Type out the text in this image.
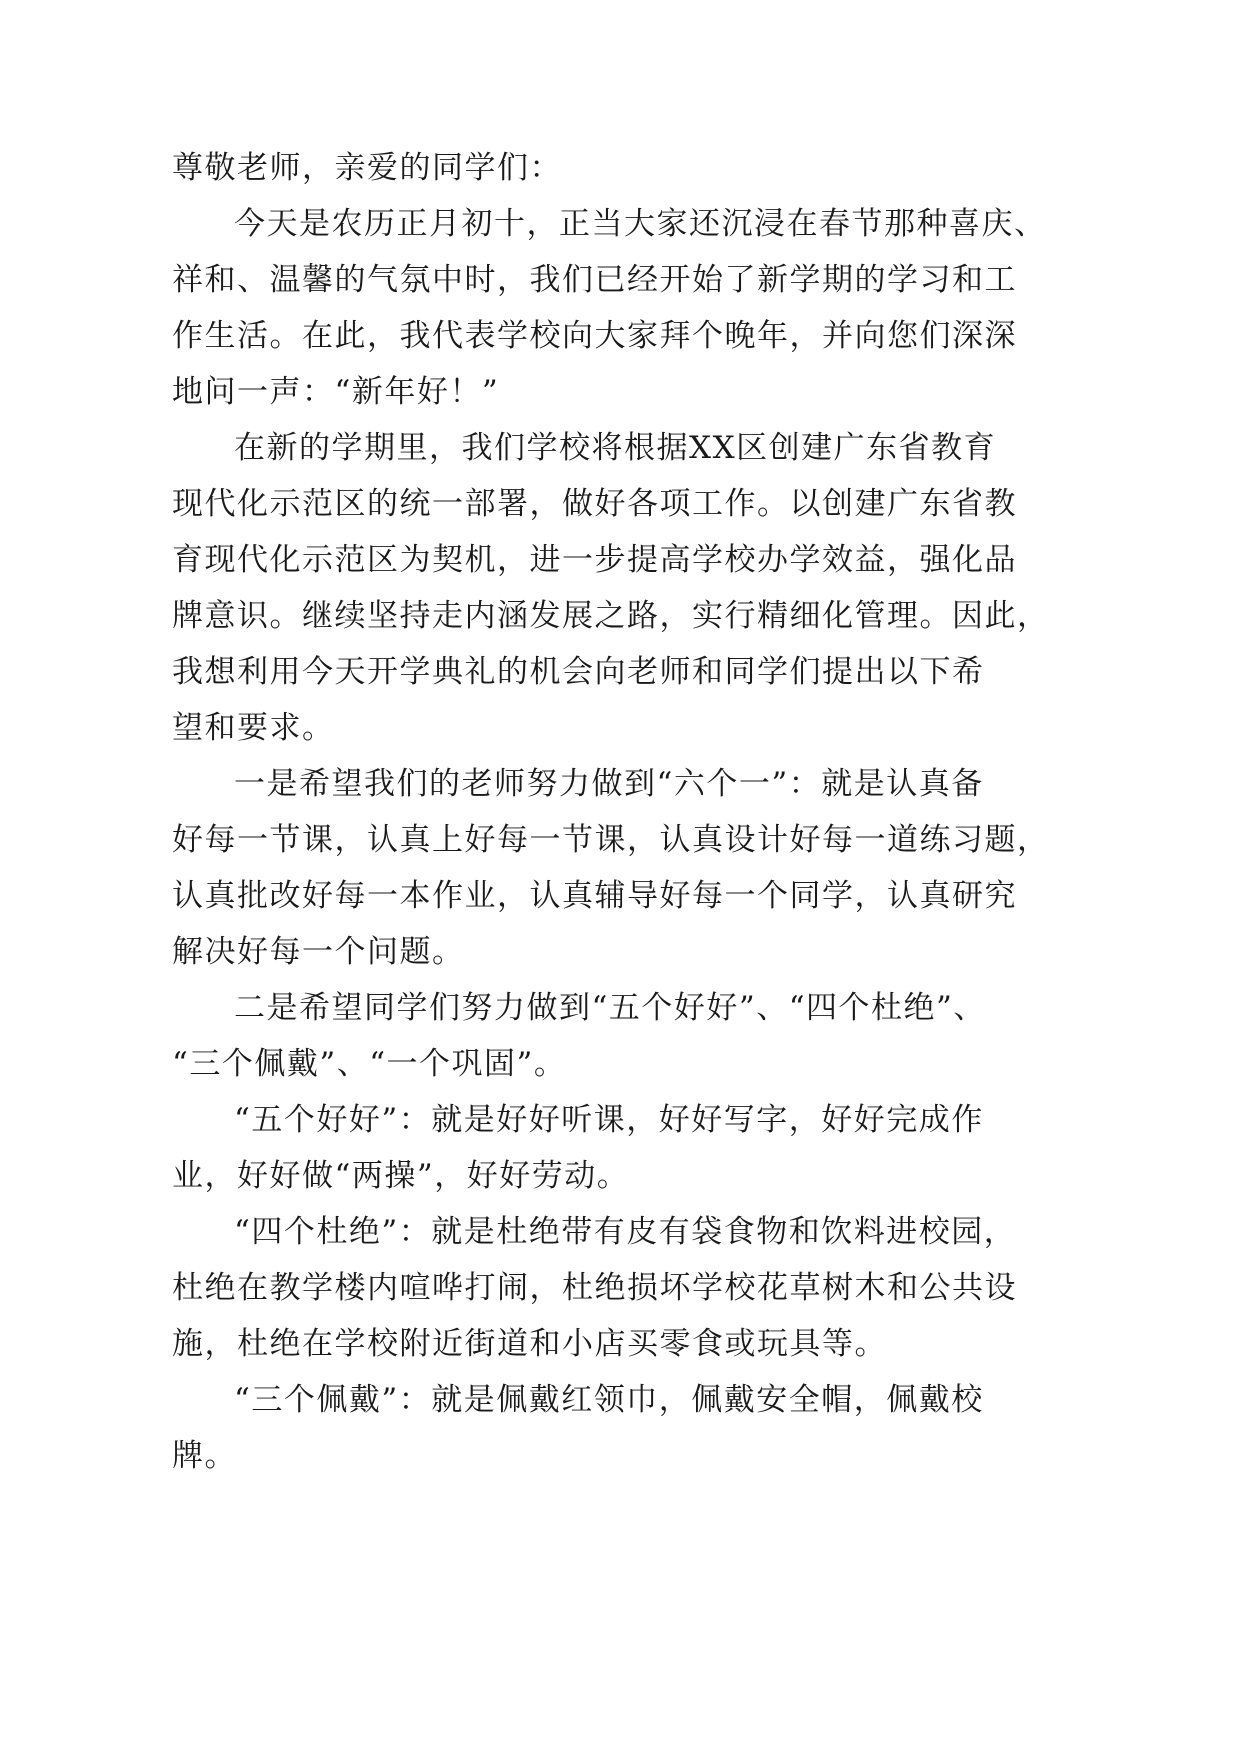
尊敬老师，亲爱的同学们：
今天是农历正月初十，正当大家还沉浸在春节那种喜庆、
祥和、温馨的气氛中时，我们已经开始了新学期的学习和工
作生活。在此，我代表学校向大家拜个晚年，并向您们深深
地问一声：“新年好！”
在新的学期里，我们学校将根据XX区创建广东省教育
现代化示范区的统一部署，做好各项工作。以创建广东省教
育现代化示范区为契机，进一步提高学校办学效益，强化品
牌意识。继续坚持走内涵发展之路，实行精细化管理。因此，
我想利用今天开学典礼的机会向老师和同学们提出以下希
望和要求。
一是希望我们的老师努力做到“六个一”：就是认真备
好每一节课，认真上好每一节课，认真设计好每一道练习题，
认真批改好每一本作业，认真辅导好每一个同学，认真研究
解决好每一个问题。
二是希望同学们努力做到“五个好好”、“四个杜绝”、
“三个佩戴”、“一个巩固”。
“五个好好”：就是好好听课，好好写字，好好完成作
业，好好做“两操”，好好劳动。
“四个杜绝”：就是杜绝带有皮有袋食物和饮料进校园，
杜绝在教学楼内喧哗打闹，杜绝损坏学校花草树木和公共设
施，杜绝在学校附近街道和小店买零食或玩具等。
“三个佩戴”：就是佩戴红领巾，佩戴安全帽，佩戴校
牌。
